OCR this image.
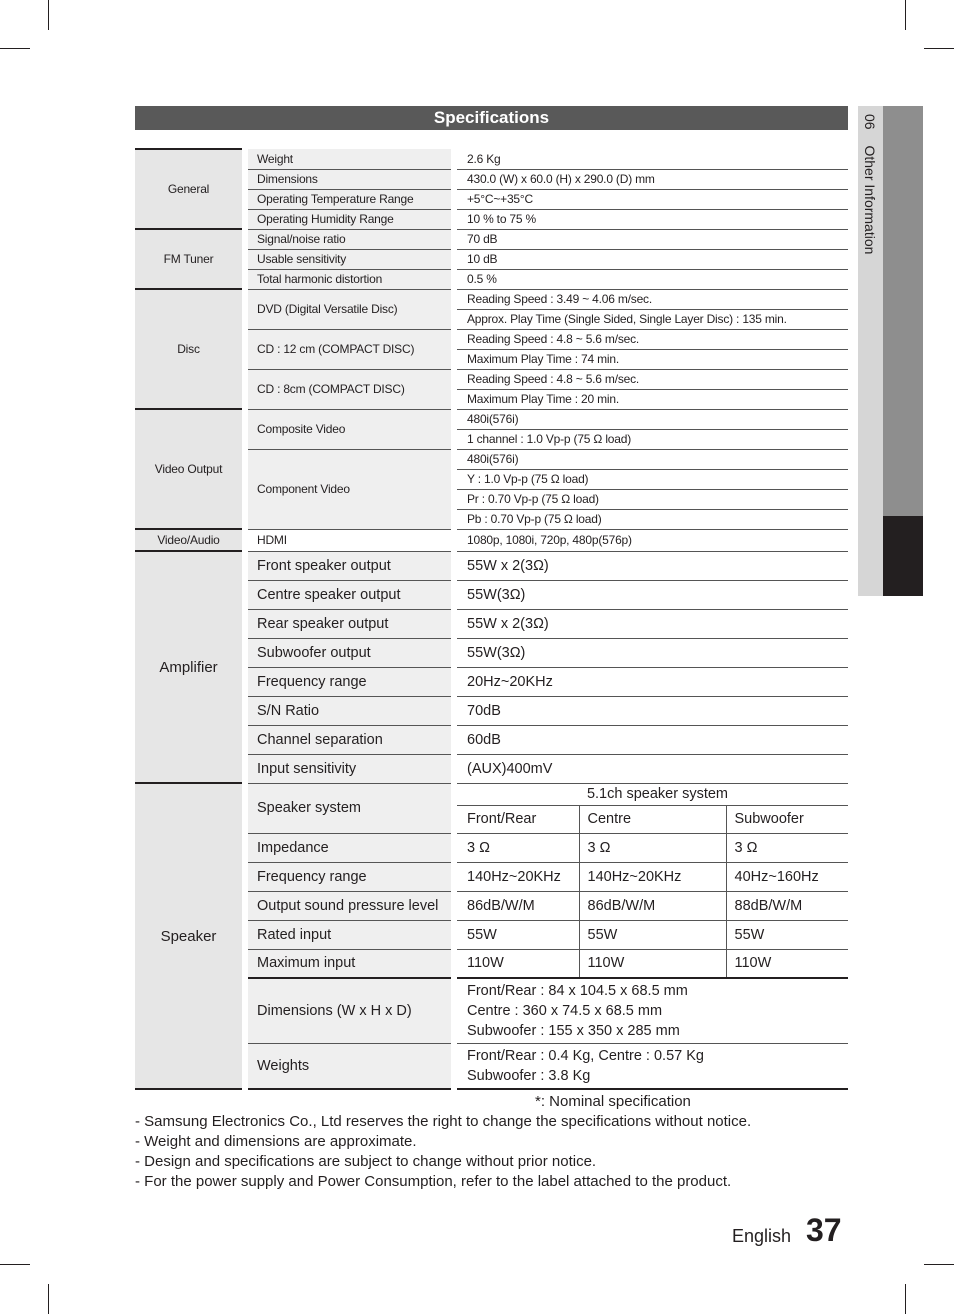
06 Other Information
Specifications
General	Weight	2.6 Kg		
	Dimensions	430.0 (W) x 60.0 (H) x 290.0 (D) mm		
	Operating Temperature Range	+5°C~+35°C		
	Operating Humidity Range	10 % to 75 %		
FM Tuner	Signal/noise ratio	70 dB		
	Usable sensitivity	10 dB		
	Total harmonic distortion	0.5 %		
Disc	DVD (Digital Versatile Disc)	Reading Speed : 3.49 ~ 4.06 m/sec.		
		Approx. Play Time (Single Sided, Single Layer Disc) : 135 min.		
	CD : 12 cm (COMPACT DISC)	Reading Speed : 4.8 ~ 5.6 m/sec.		
		Maximum Play Time : 74 min.		
	CD : 8cm (COMPACT DISC)	Reading Speed : 4.8 ~ 5.6 m/sec.		
		Maximum Play Time : 20 min.		
Video Output	Composite Video	480i(576i)		
		1 channel : 1.0 Vp-p (75 Ω load)		
	Component Video	480i(576i)		
		Y : 1.0 Vp-p (75 Ω load)		
		Pr : 0.70 Vp-p (75 Ω load)		
		Pb : 0.70 Vp-p (75 Ω load)		
Video/Audio	HDMI	1080p, 1080i, 720p, 480p(576p)		
Amplifier	Front speaker output	55W x 2(3Ω)		
	Centre speaker output	55W(3Ω)		
	Rear speaker output	55W x 2(3Ω)		
	Subwoofer output	55W(3Ω)		
	Frequency range	20Hz~20KHz		
	S/N Ratio	70dB		
	Channel separation	60dB		
	Input sensitivity	(AUX)400mV		
Speaker	Speaker system	5.1ch speaker system		
		Front/Rear	Centre	Subwoofer
	Impedance	3 Ω	3 Ω	3 Ω
	Frequency range	140Hz~20KHz	140Hz~20KHz	40Hz~160Hz
	Output sound pressure level	86dB/W/M	86dB/W/M	88dB/W/M
	Rated input	55W	55W	55W
	Maximum input	110W	110W	110W
	Dimensions (W x H x D)	Front/Rear : 84 x 104.5 x 68.5 mm
Centre : 360 x 74.5 x 68.5 mm
Subwoofer : 155 x 350 x 285 mm		

	Weights	Front/Rear : 0.4 Kg, Centre : 0.57 Kg
Subwoofer : 3.8 Kg		
*: Nominal specification
- Samsung Electronics Co., Ltd reserves the right to change the specifications without notice.
- Weight and dimensions are approximate.
- Design and specifications are subject to change without prior notice.
- For the power supply and Power Consumption, refer to the label attached to the product.
English 37
